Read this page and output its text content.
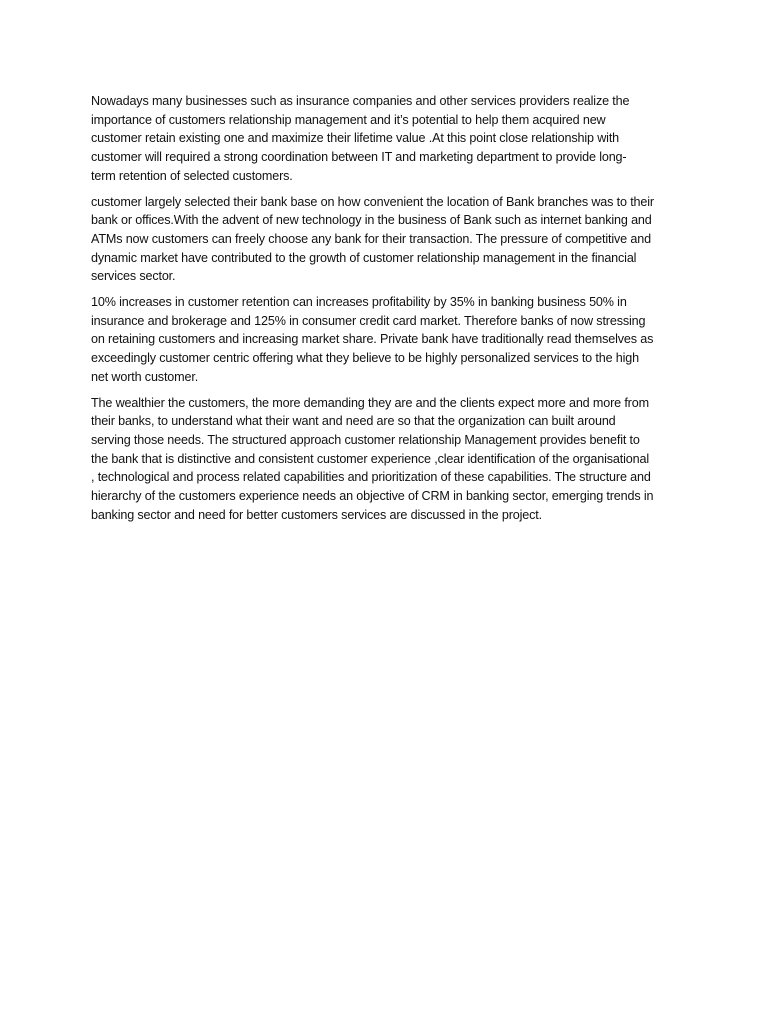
Nowadays many businesses such as insurance companies and other services providers realize the
importance of customers relationship management and it’s potential to help them acquired new
customer retain existing one and maximize their lifetime value .At this point close relationship with
customer will required a strong coordination between IT and marketing department to provide long-
term retention of selected customers.

customer largely selected their bank base on how convenient the location of Bank branches was to their
bank or offices.With the advent of new technology in the business of Bank such as internet banking and
ATMs now customers can freely choose any bank for their transaction. The pressure of competitive and
dynamic market have contributed to the growth of customer relationship management in the financial
services sector.

10% increases in customer retention can increases profitability by 35% in banking business 50% in
insurance and brokerage and 125% in consumer credit card market. Therefore banks of now stressing
on retaining customers and increasing market share. Private bank have traditionally read themselves as
exceedingly customer centric offering what they believe to be highly personalized services to the high
net worth customer.

The wealthier the customers, the more demanding they are and the clients expect more and more from
their banks, to understand what their want and need are so that the organization can built around
serving those needs. The structured approach customer relationship Management provides benefit to
the bank that is distinctive and consistent customer experience ,clear identification of the organisational
, technological and process related capabilities and prioritization of these capabilities. The structure and
hierarchy of the customers experience needs an objective of CRM in banking sector, emerging trends in
banking sector and need for better customers services are discussed in the project.
